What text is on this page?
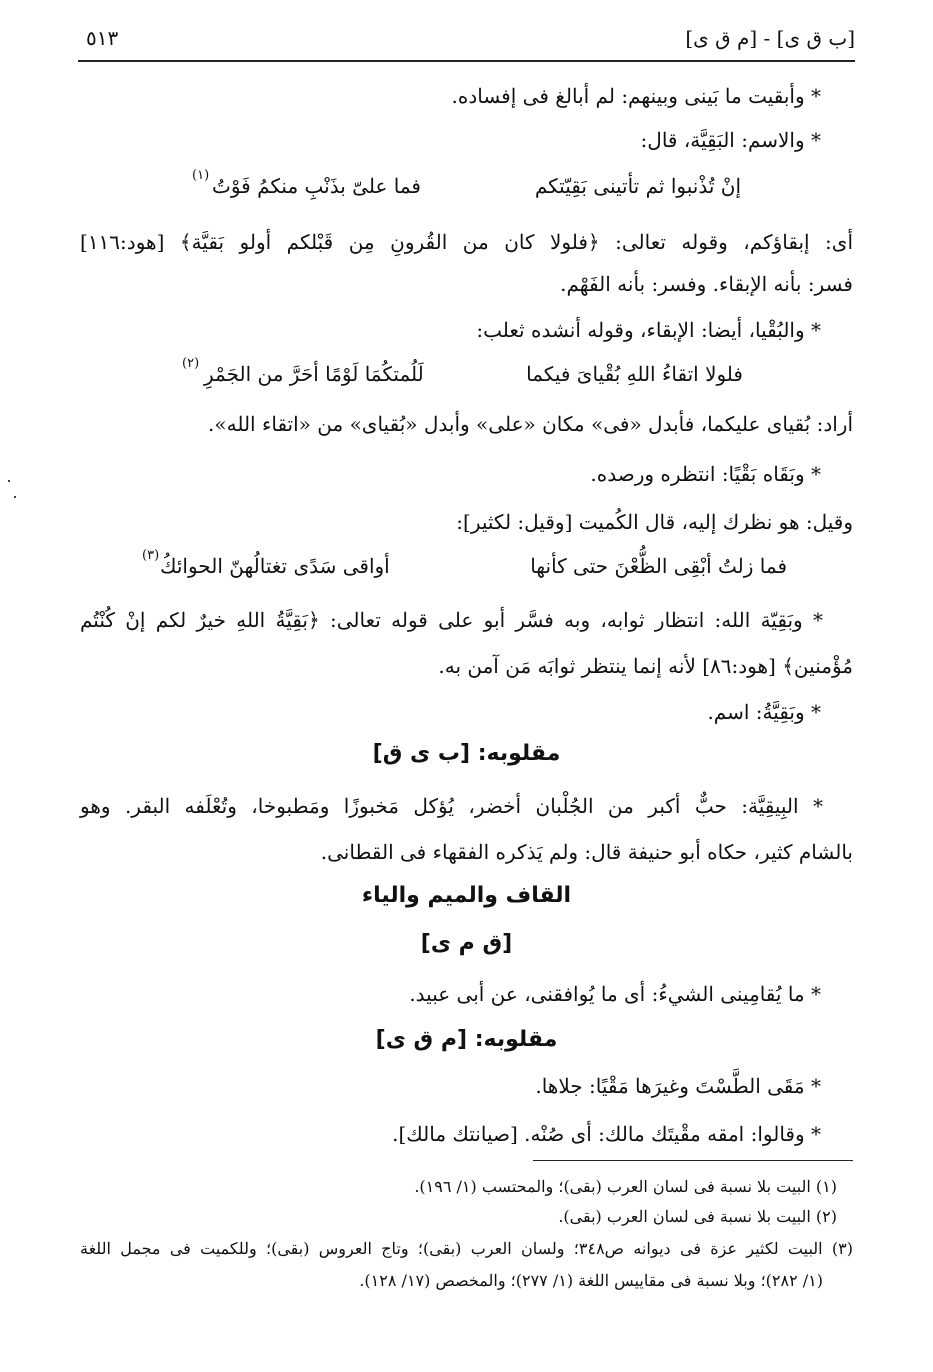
[ب ق ى] - [م ق ى]
٥١٣
* وأبقيت ما بَينى وبينهم: لم أبالغ فى إفساده.
* والاسم: البَقِيَّة، قال:
إنْ تُذْنبوا ثم تأتينى بَقِيّتكم
فما علىّ بذَنْبِ منكمُ فَوْتُ
(١)
أى: إبقاؤكم، وقوله تعالى: ﴿فلولا كان من القُرونِ مِن قَبْلكم أولو بَقيَّة﴾ [هود:١١٦]
فسر: بأنه الإبقاء. وفسر: بأنه الفَهْم.
* والبُقْيا، أيضا: الإبقاء، وقوله أنشده ثعلب:
فلولا اتقاءُ اللهِ بُقْياىَ فيكما
لَلُمتكُمَا لَوْمًا أحَرَّ من الجَمْرِ
(٢)
أراد: بُقياى عليكما، فأبدل «فى» مكان «على» وأبدل «بُقياى» من «اتقاء الله».
* وبَقَاه بَقْيًا: انتظره ورصده.
وقيل: هو نظرك إليه، قال الكُميت [وقيل: لكثير]:
فما زلتُ أبْقِى الظُّعْنَ حتى كأنها
أواقى سَدًى تغتالُهنّ الحوائكُ
(٣)
* وبَقِيّة الله: انتظار ثوابه، وبه فسَّر أبو على قوله تعالى: ﴿بَقِيَّةُ اللهِ خيرٌ لكم إنْ كُنْتُم
مُؤْمنين﴾ [هود:٨٦] لأنه إنما ينتظر ثوابَه مَن آمن به.
* وبَقِيَّةُ: اسم.
مقلوبه: [ب ى ق]
* البِيقِيَّة: حبٌّ أكبر من الجُلْبان أخضر، يُؤكل مَخبوزًا ومَطبوخا، وتُعْلَفه البقر. وهو
بالشام كثير، حكاه أبو حنيفة قال: ولم يَذكره الفقهاء فى القطانى.
القاف والميم والياء
[ق م ى]
* ما يُقامِينى الشيءُ: أى ما يُوافقنى، عن أبى عبيد.
مقلوبه: [م ق ى]
* مَقَى الطَّسْتَ وغيرَها مَقْيًا: جلاها.
* وقالوا: امقه مقْيتَك مالك: أى صُنْه. [صيانتك مالك].
(١) البيت بلا نسبة فى لسان العرب (بقى)؛ والمحتسب (١/ ١٩٦).
(٢) البيت بلا نسبة فى لسان العرب (بقى).
(٣) البيت لكثير عزة فى ديوانه ص٣٤٨؛ ولسان العرب (بقى)؛ وتاج العروس (بقى)؛ وللكميت فى مجمل اللغة
(١/ ٢٨٢)؛ وبلا نسبة فى مقاييس اللغة (١/ ٢٧٧)؛ والمخصص (١٧/ ١٢٨).
